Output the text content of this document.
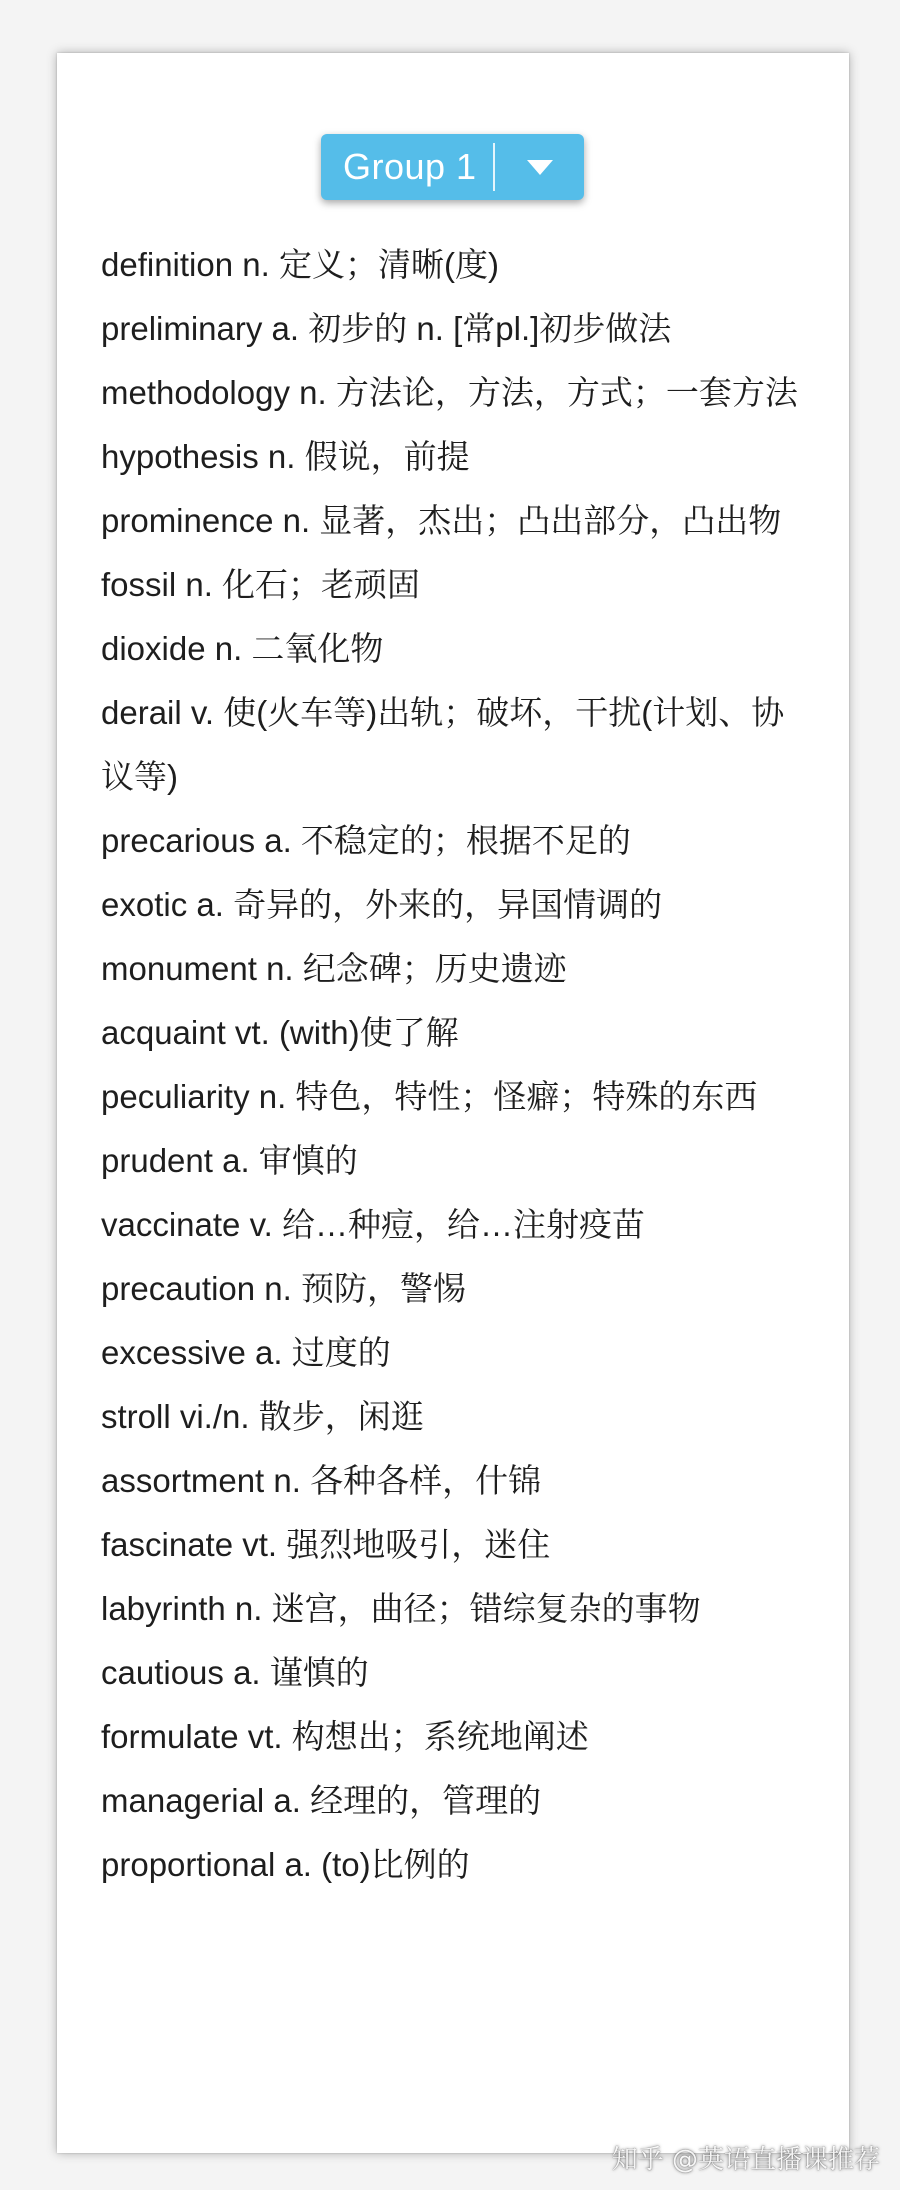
Group 1
definition n. 定义；清晰(度)
preliminary a. 初步的 n. [常pl.]初步做法
methodology n. 方法论，方法，方式；一套方法
hypothesis n. 假说，前提
prominence n. 显著，杰出；凸出部分，凸出物
fossil n. 化石；老顽固
dioxide n. 二氧化物
derail v. 使(火车等)出轨；破坏，干扰(计划、协议等)
precarious a. 不稳定的；根据不足的
exotic a. 奇异的，外来的，异国情调的
monument n. 纪念碑；历史遗迹
acquaint vt. (with)使了解
peculiarity n. 特色，特性；怪癖；特殊的东西
prudent a. 审慎的
vaccinate v. 给…种痘，给…注射疫苗
precaution n. 预防，警惕
excessive a. 过度的
stroll vi./n. 散步，闲逛
assortment n. 各种各样，什锦
fascinate vt. 强烈地吸引，迷住
labyrinth n. 迷宫，曲径；错综复杂的事物
cautious a. 谨慎的
formulate vt. 构想出；系统地阐述
managerial a. 经理的，管理的
proportional a. (to)比例的
知乎 @英语直播课推荐
